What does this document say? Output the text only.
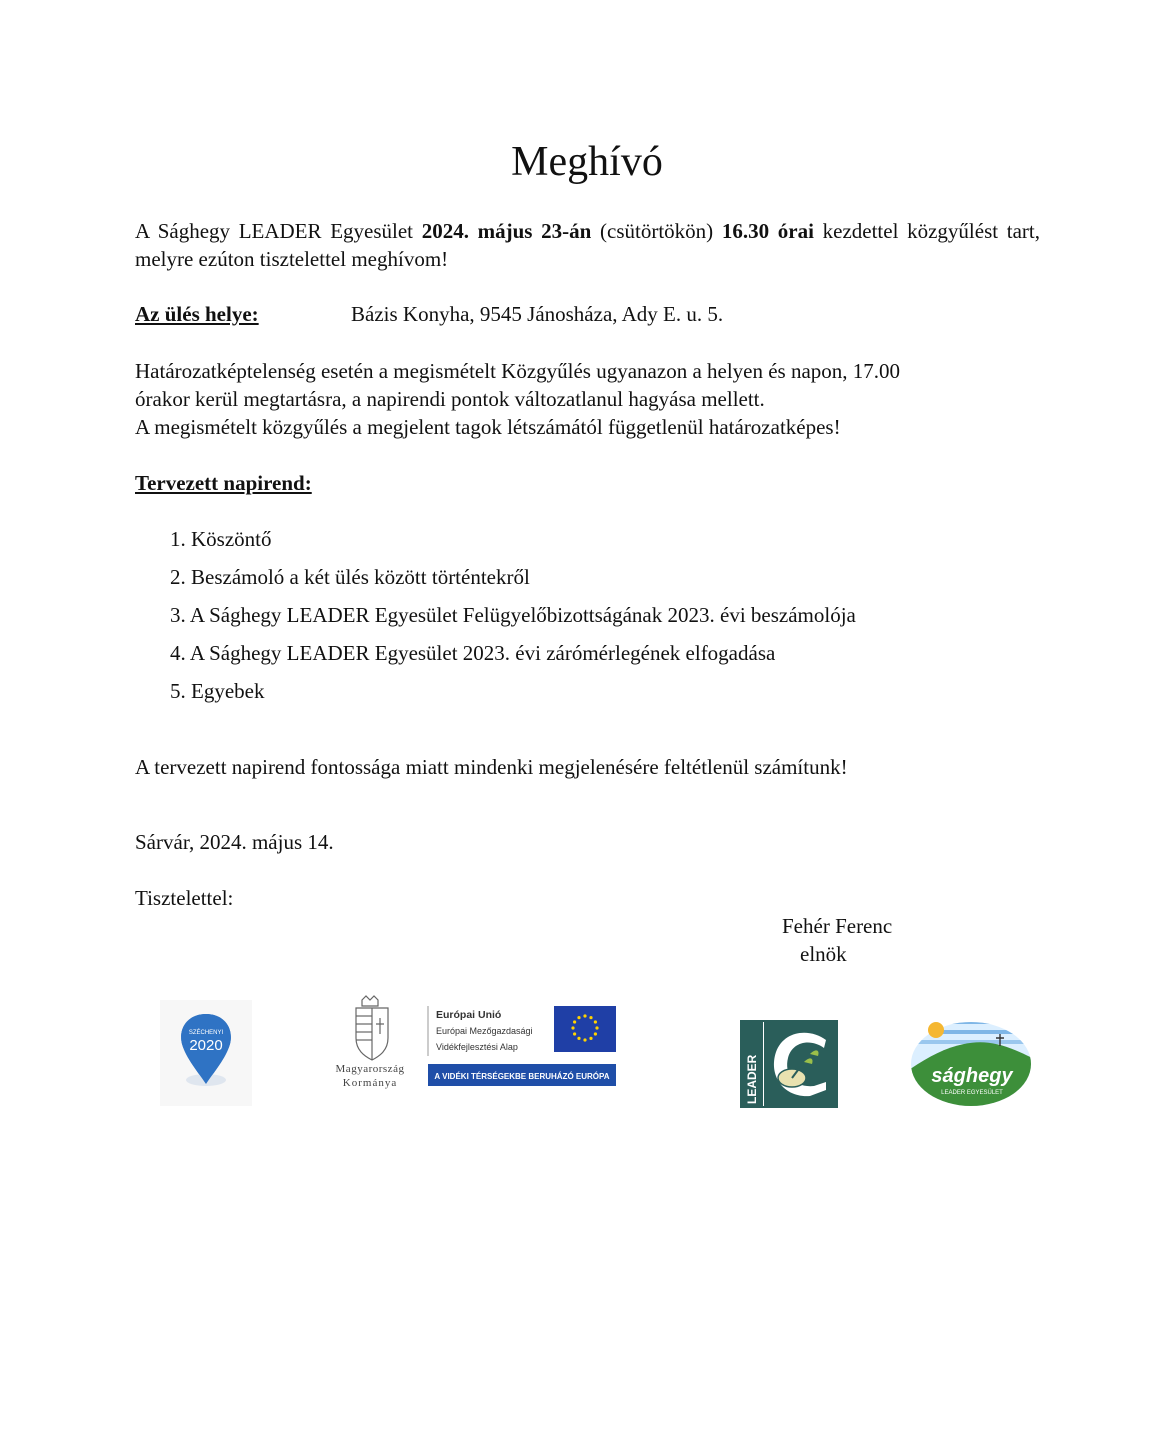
Meghívó
A Sághegy LEADER Egyesület 2024. május 23-án (csütörtökön) 16.30 órai kezdettel közgyűlést tart, melyre ezúton tisztelettel meghívom!
Az ülés helye:	Bázis Konyha, 9545 Jánosháza, Ady E. u. 5.
Határozatképtelenség esetén a megismételt Közgyűlés ugyanazon a helyen és napon, 17.00
órakor kerül megtartásra, a napirendi pontok változatlanul hagyása mellett.
A megismételt közgyűlés a megjelent tagok létszámától függetlenül határozatképes!
Tervezett napirend:
1. Köszöntő
2. Beszámoló a két ülés között történtekről
3. A Sághegy LEADER Egyesület Felügyelőbizottságának 2023. évi beszámolója
4. A Sághegy LEADER Egyesület 2023. évi zárómérlegének elfogadása
5. Egyebek
A tervezett napirend fontossága miatt mindenki megjelenésére feltétlenül számítunk!
Sárvár, 2024. május 14.
Tisztelettel:
Fehér Ferenc
elnök
SZÉCHENYI
2020
Magyarország
Kormánya
Európai Unió
Európai Mezőgazdasági
Vidékfejlesztési Alap
A VIDÉKI TÉRSÉGEKBE BERUHÁZÓ EURÓPA	LEADER	sághegy
LEADER EGYESÜLET
